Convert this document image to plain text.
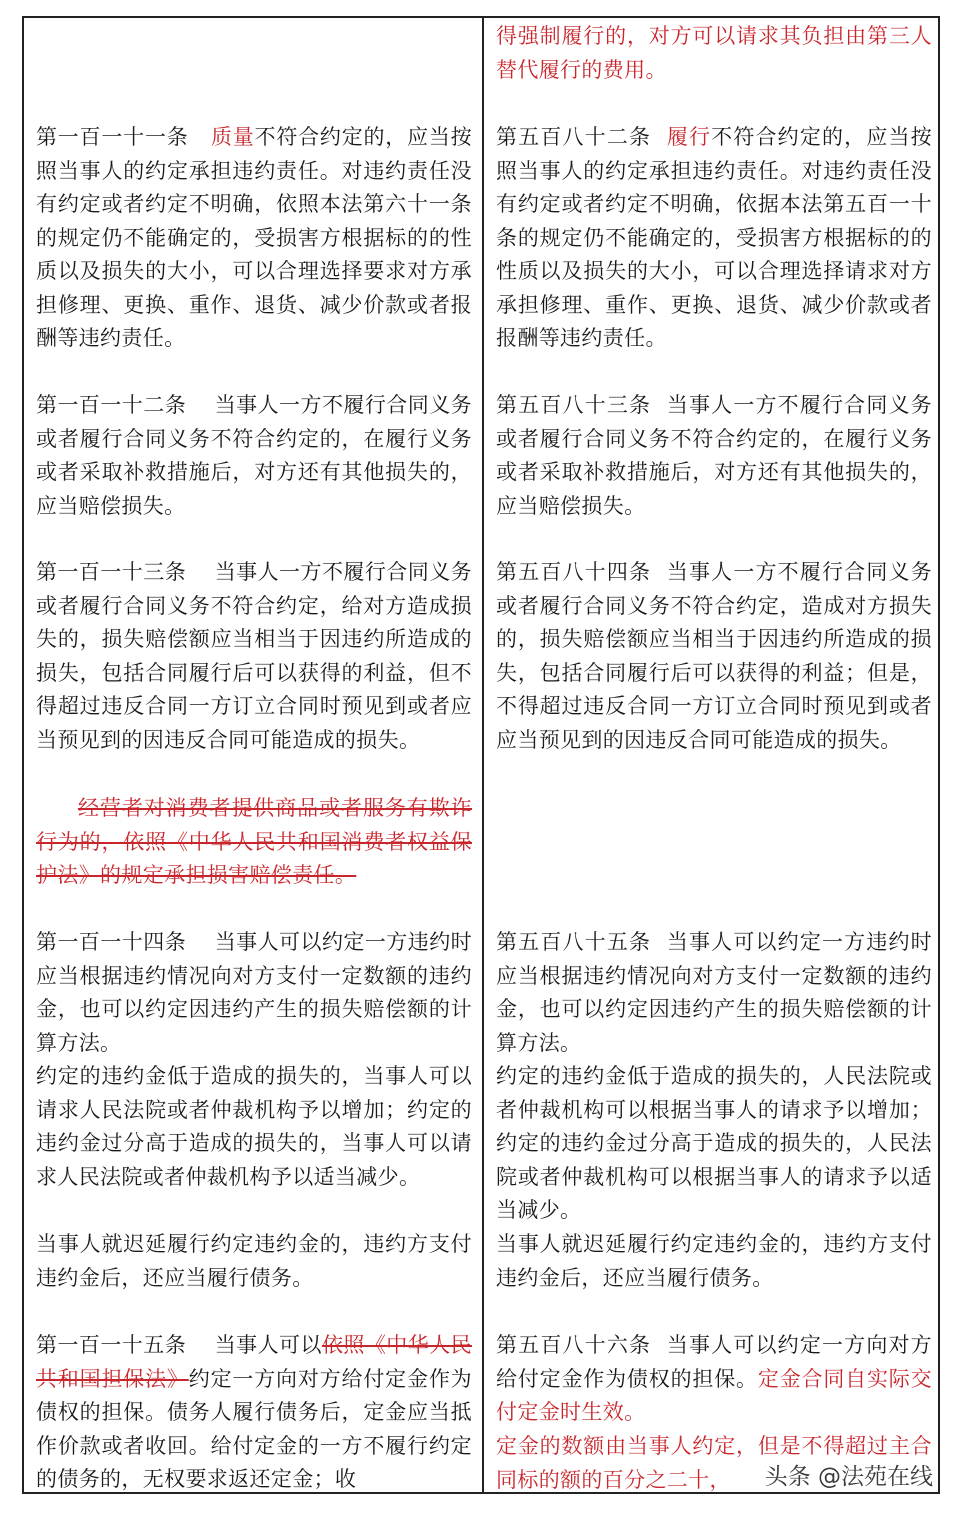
第一百一十一条 质量不符合约定的，应当按照当事人的约定承担违约责任。对违约责任没有约定或者约定不明确，依照本法第六十一条的规定仍不能确定的，受损害方根据标的的性质以及损失的大小，可以合理选择要求对方承担修理、更换、重作、退货、减少价款或者报酬等违约责任。

第一百一十二条 当事人一方不履行合同义务或者履行合同义务不符合约定的，在履行义务或者采取补救措施后，对方还有其他损失的，应当赔偿损失。

第一百一十三条 当事人一方不履行合同义务或者履行合同义务不符合约定，给对方造成损失的，损失赔偿额应当相当于因违约所造成的损失，包括合同履行后可以获得的利益，但不得超过违反合同一方订立合同时预见到或者应当预见到的因违反合同可能造成的损失。

经营者对消费者提供商品或者服务有欺诈行为的，依照《中华人民共和国消费者权益保护法》的规定承担损害赔偿责任。

第一百一十四条 当事人可以约定一方违约时应当根据违约情况向对方支付一定数额的违约金，也可以约定因违约产生的损失赔偿额的计算方法。

约定的违约金低于造成的损失的，当事人可以请求人民法院或者仲裁机构予以增加；约定的违约金过分高于造成的损失的，当事人可以请求人民法院或者仲裁机构予以适当减少。

当事人就迟延履行约定违约金的，违约方支付违约金后，还应当履行债务。

第一百一十五条 当事人可以依照《中华人民共和国担保法》约定一方向对方给付定金作为债权的担保。债务人履行债务后，定金应当抵作价款或者收回。给付定金的一方不履行约定的债务的，无权要求返还定金；收

得强制履行的，对方可以请求其负担由第三人替代履行的费用。

第五百八十二条 履行不符合约定的，应当按照当事人的约定承担违约责任。对违约责任没有约定或者约定不明确，依据本法第五百一十条的规定仍不能确定的，受损害方根据标的的性质以及损失的大小，可以合理选择请求对方承担修理、重作、更换、退货、减少价款或者报酬等违约责任。

第五百八十三条 当事人一方不履行合同义务或者履行合同义务不符合约定的，在履行义务或者采取补救措施后，对方还有其他损失的，应当赔偿损失。

第五百八十四条 当事人一方不履行合同义务或者履行合同义务不符合约定，造成对方损失的，损失赔偿额应当相当于因违约所造成的损失，包括合同履行后可以获得的利益；但是，不得超过违反合同一方订立合同时预见到或者应当预见到的因违反合同可能造成的损失。

第五百八十五条 当事人可以约定一方违约时应当根据违约情况向对方支付一定数额的违约金，也可以约定因违约产生的损失赔偿额的计算方法。

约定的违约金低于造成的损失的，人民法院或者仲裁机构可以根据当事人的请求予以增加；约定的违约金过分高于造成的损失的，人民法院或者仲裁机构可以根据当事人的请求予以适当减少。

当事人就迟延履行约定违约金的，违约方支付违约金后，还应当履行债务。

第五百八十六条 当事人可以约定一方向对方给付定金作为债权的担保。定金合同自实际交付定金时生效。

定金的数额由当事人约定，但是不得超过主合同标的额的百分之二十，	头条 @法苑在线
